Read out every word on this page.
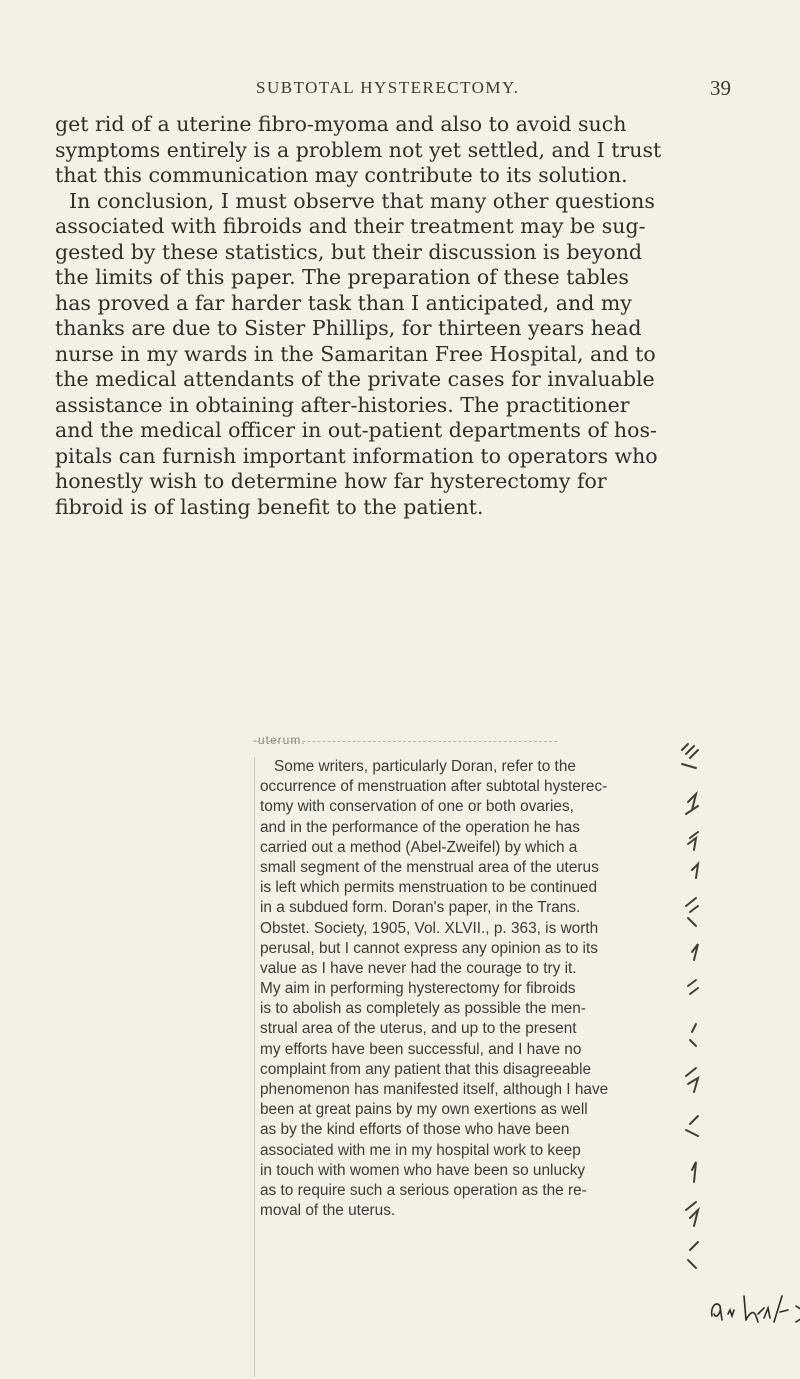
SUBTOTAL HYSTERECTOMY.	39
get rid of a uterine fibro-myoma and also to avoid such
symptoms entirely is a problem not yet settled, and I trust
that this communication may contribute to its solution.
In conclusion, I must observe that many other questions
associated with fibroids and their treatment may be sug-
gested by these statistics, but their discussion is beyond
the limits of this paper. The preparation of these tables
has proved a far harder task than I anticipated, and my
thanks are due to Sister Phillips, for thirteen years head
nurse in my wards in the Samaritan Free Hospital, and to
the medical attendants of the private cases for invaluable
assistance in obtaining after-histories. The practitioner
and the medical officer in out-patient departments of hos-
pitals can furnish important information to operators who
honestly wish to determine how far hysterectomy for
fibroid is of lasting benefit to the patient.
-uterum.
Some writers, particularly Doran, refer to the
occurrence of menstruation after subtotal hysterec-
tomy with conservation of one or both ovaries,
and in the performance of the operation he has
carried out a method (Abel-Zweifel) by which a
small segment of the menstrual area of the uterus
is left which permits menstruation to be continued
in a subdued form. Doran's paper, in the Trans.
Obstet. Society, 1905, Vol. XLVII., p. 363, is worth
perusal, but I cannot express any opinion as to its
value as I have never had the courage to try it.
My aim in performing hysterectomy for fibroids
is to abolish as completely as possible the men-
strual area of the uterus, and up to the present
my efforts have been successful, and I have no
complaint from any patient that this disagreeable
phenomenon has manifested itself, although I have
been at great pains by my own exertions as well
as by the kind efforts of those who have been
associated with me in my hospital work to keep
in touch with women who have been so unlucky
as to require such a serious operation as the re-
moval of the uterus.
